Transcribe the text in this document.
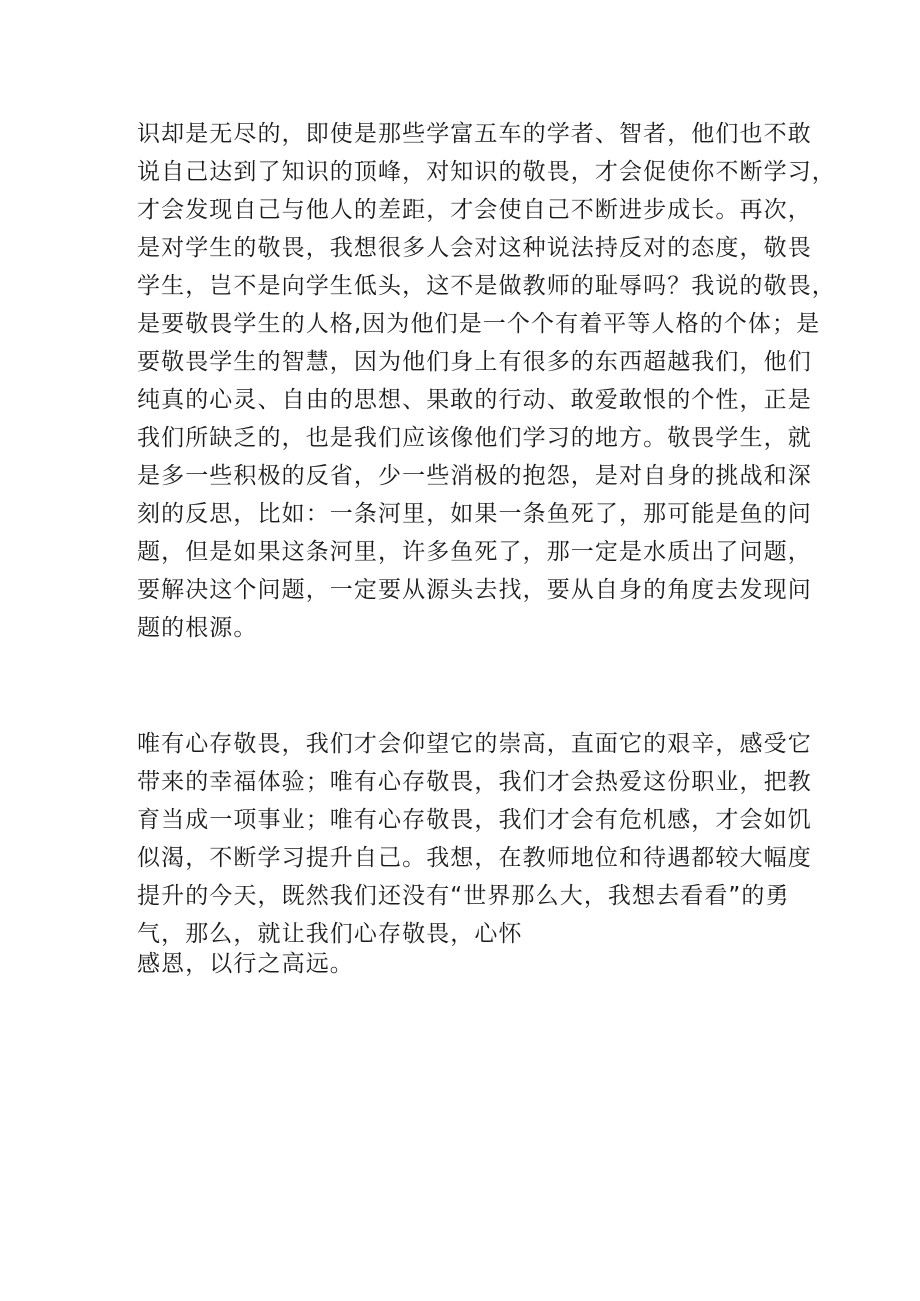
识却是无尽的，即使是那些学富五车的学者、智者，他们也不敢
说自己达到了知识的顶峰，对知识的敬畏，才会促使你不断学习，
才会发现自己与他人的差距，才会使自己不断进步成长。再次，
是对学生的敬畏，我想很多人会对这种说法持反对的态度，敬畏
学生，岂不是向学生低头，这不是做教师的耻辱吗？我说的敬畏，
是要敬畏学生的人格,因为他们是一个个有着平等人格的个体；是
要敬畏学生的智慧，因为他们身上有很多的东西超越我们，他们
纯真的心灵、自由的思想、果敢的行动、敢爱敢恨的个性，正是
我们所缺乏的，也是我们应该像他们学习的地方。敬畏学生，就
是多一些积极的反省，少一些消极的抱怨，是对自身的挑战和深
刻的反思，比如：一条河里，如果一条鱼死了，那可能是鱼的问
题，但是如果这条河里，许多鱼死了，那一定是水质出了问题，
要解决这个问题，一定要从源头去找，要从自身的角度去发现问
题的根源。
唯有心存敬畏，我们才会仰望它的崇高，直面它的艰辛，感受它
带来的幸福体验；唯有心存敬畏，我们才会热爱这份职业，把教
育当成一项事业；唯有心存敬畏，我们才会有危机感，才会如饥
似渴，不断学习提升自己。我想，在教师地位和待遇都较大幅度
提升的今天，既然我们还没有“世界那么大，我想去看看”的勇
气，那么，就让我们心存敬畏，心怀
感恩，以行之高远。
